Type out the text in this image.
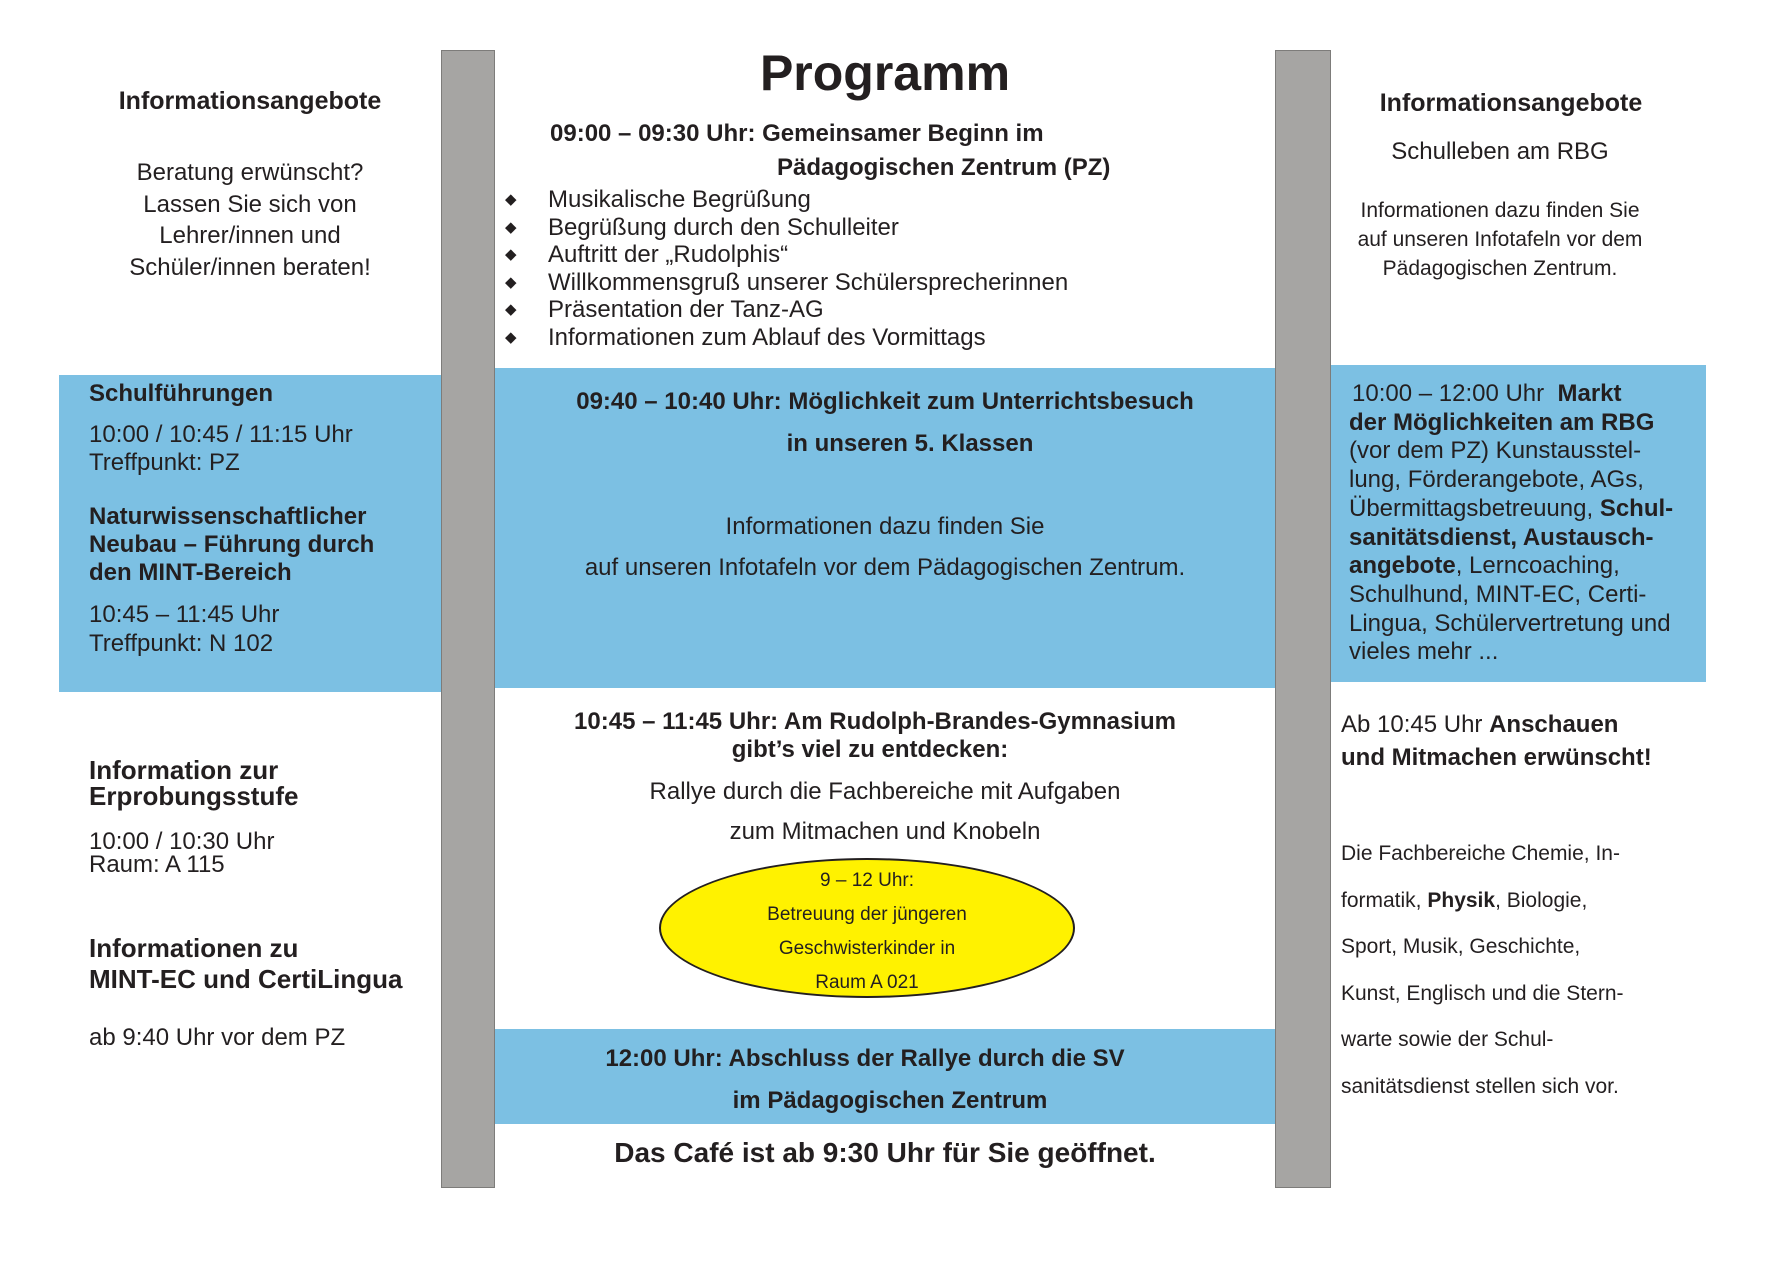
Programm
Informationsangebote
Beratung erwünscht?
Lassen Sie sich von
Lehrer/innen und
Schüler/innen beraten!
Schulführungen
10:00 / 10:45 / 11:15 Uhr
Treffpunkt: PZ
Naturwissenschaftlicher
Neubau – Führung durch
den MINT-Bereich
10:45 – 11:45 Uhr
Treffpunkt: N 102
Information zur
Erprobungsstufe
10:00 / 10:30 Uhr
Raum: A 115
Informationen zu
MINT-EC und CertiLingua
ab 9:40 Uhr vor dem PZ
09:00 – 09:30 Uhr: Gemeinsamer Beginn im
Pädagogischen Zentrum (PZ)
◆ Musikalische Begrüßung
◆ Begrüßung durch den Schulleiter
◆ Auftritt der „Rudolphis“
◆ Willkommensgruß unserer Schülersprecherinnen
◆ Präsentation der Tanz-AG
◆ Informationen zum Ablauf des Vormittags
09:40 – 10:40 Uhr: Möglichkeit zum Unterrichtsbesuch
in unseren 5. Klassen
Informationen dazu finden Sie
auf unseren Infotafeln vor dem Pädagogischen Zentrum.
10:45 – 11:45 Uhr: Am Rudolph-Brandes-Gymnasium
gibt’s viel zu entdecken:
Rallye durch die Fachbereiche mit Aufgaben
zum Mitmachen und Knobeln
9 – 12 Uhr:
Betreuung der jüngeren
Geschwisterkinder in
Raum A 021
12:00 Uhr: Abschluss der Rallye durch die SV
im Pädagogischen Zentrum
Das Café ist ab 9:30 Uhr für Sie geöffnet.
Informationsangebote
Schulleben am RBG
Informationen dazu finden Sie
auf unseren Infotafeln vor dem
Pädagogischen Zentrum.
10:00 – 12:00 Uhr Markt
der Möglichkeiten am RBG
(vor dem PZ) Kunstausstel-
lung, Förderangebote, AGs,
Übermittagsbetreuung, Schul-
sanitätsdienst, Austausch-
angebote, Lerncoaching,
Schulhund, MINT-EC, Certi-
Lingua, Schülervertretung und
vieles mehr ...
Ab 10:45 Uhr Anschauen
und Mitmachen erwünscht!
Die Fachbereiche Chemie, In-
formatik, Physik, Biologie,
Sport, Musik, Geschichte,
Kunst, Englisch und die Stern-
warte sowie der Schul-
sanitätsdienst stellen sich vor.
